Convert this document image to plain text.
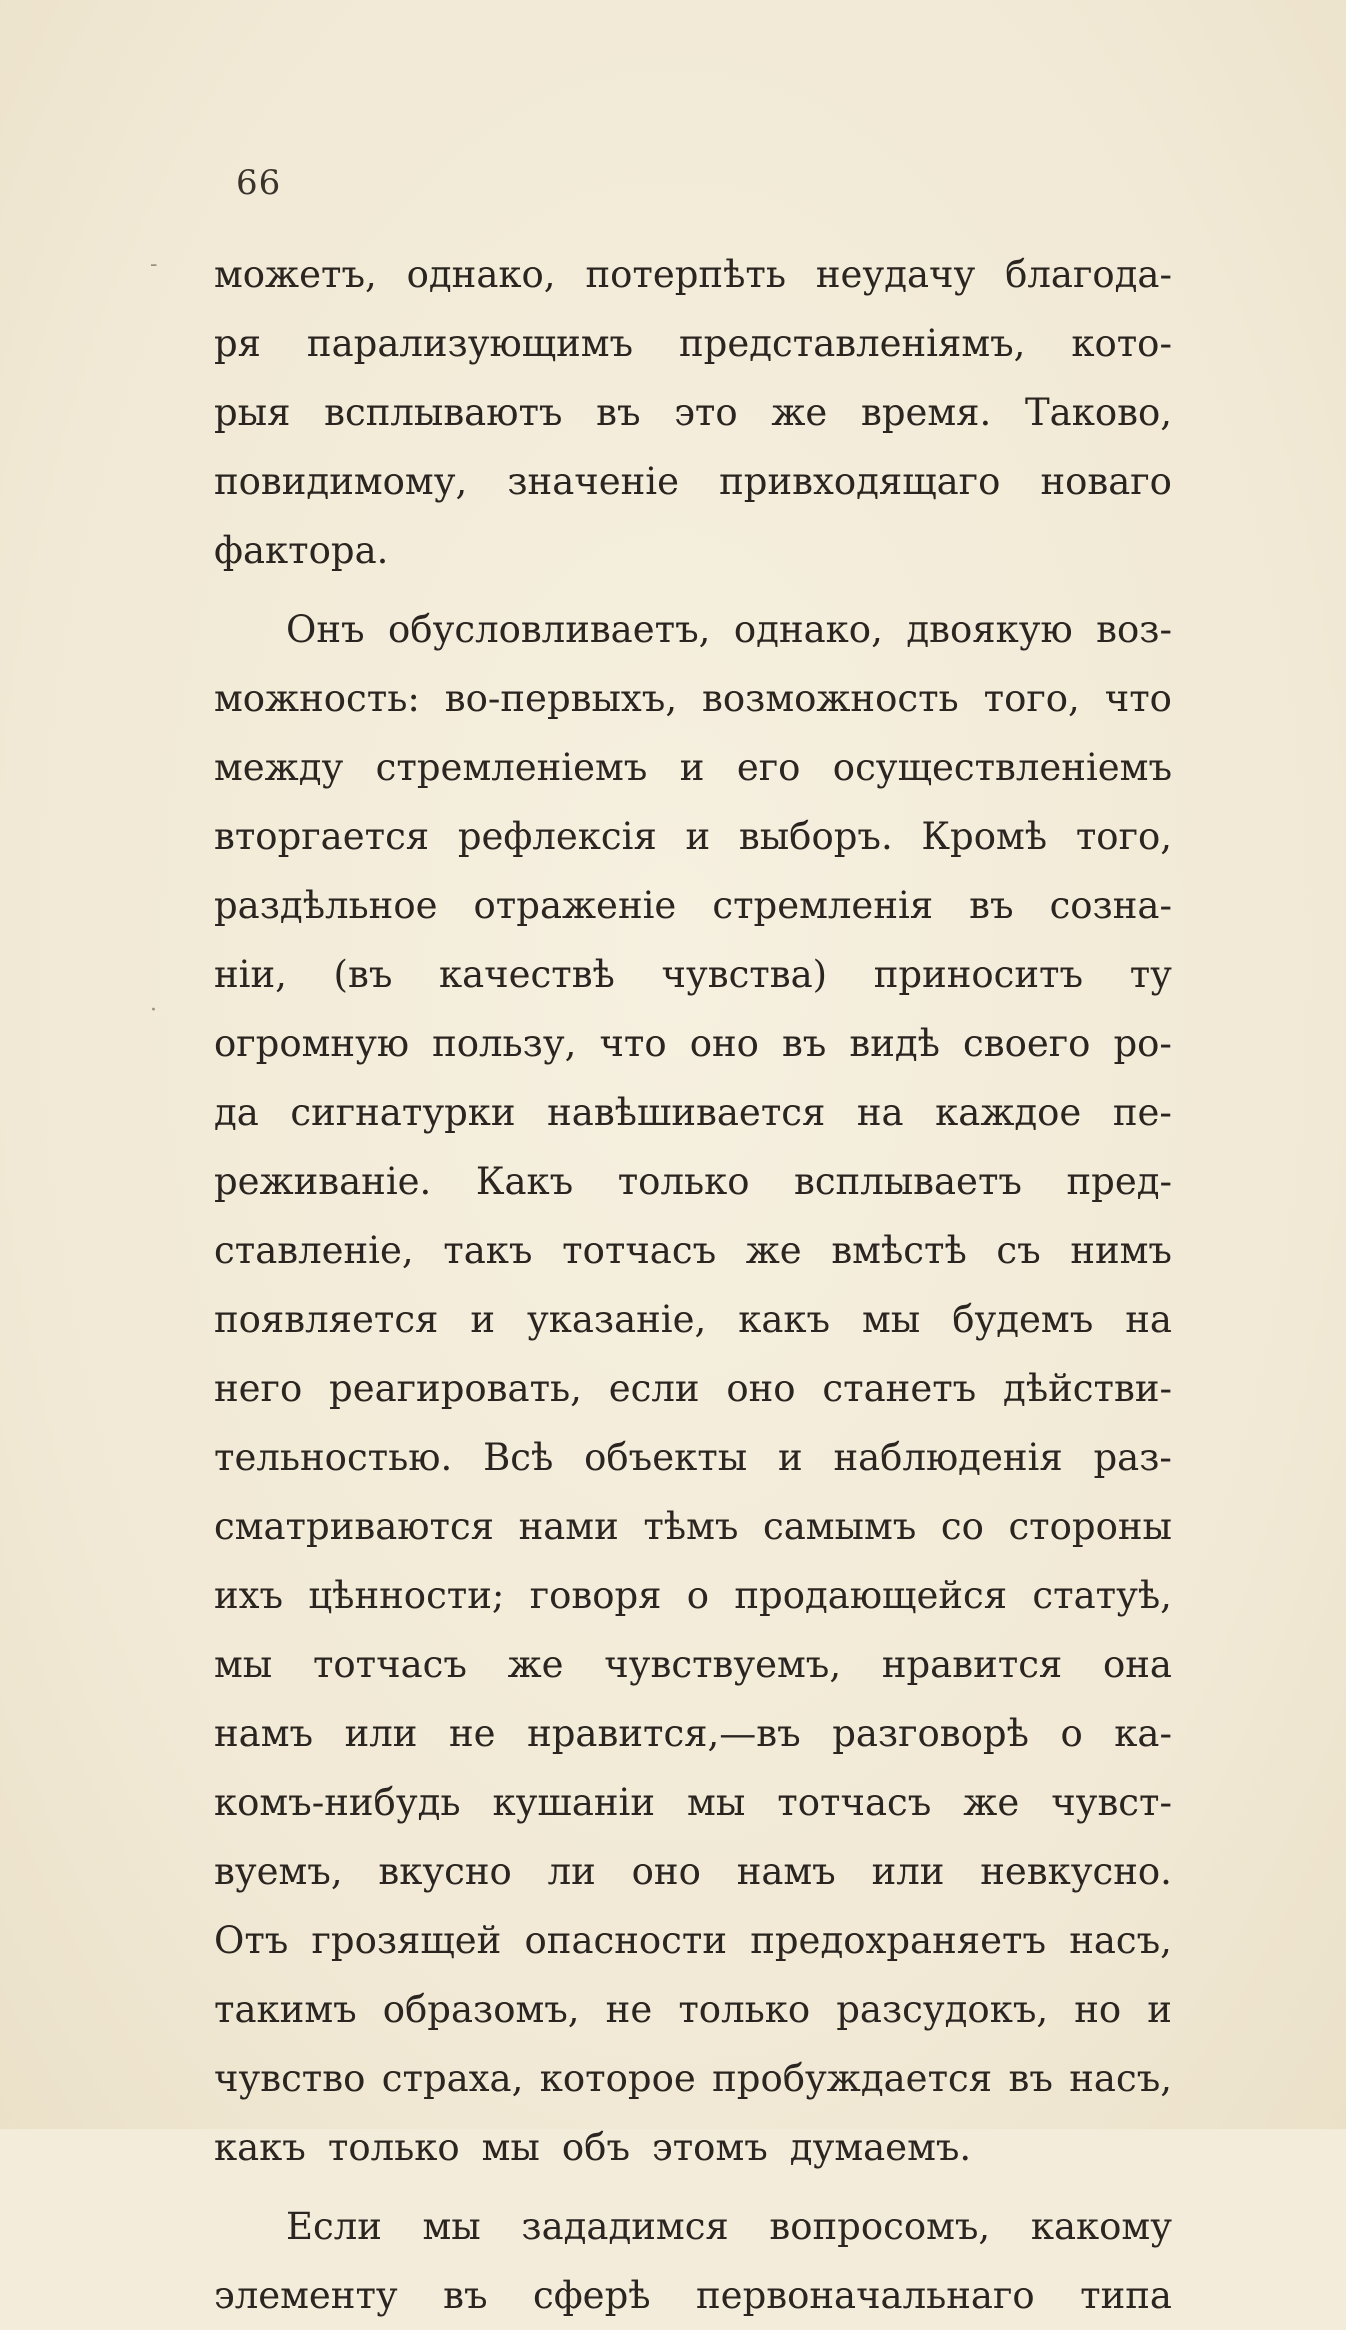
66
можетъ, однако, потерпѣть неудачу благода-
ря парализующимъ представленіямъ, кото-
рыя всплываютъ въ это же время. Таково,
повидимому, значеніе привходящаго новаго
фактора.
Онъ обусловливаетъ, однако, двоякую воз-
можность: во-первыхъ, возможность того, что
между стремленіемъ и его осуществленіемъ
вторгается рефлексія и выборъ. Кромѣ того,
раздѣльное отраженіе стремленія въ созна-
ніи, (въ качествѣ чувства) приноситъ ту
огромную пользу, что оно въ видѣ своего ро-
да сигнатурки навѣшивается на каждое пе-
реживаніе. Какъ только всплываетъ пред-
ставленіе, такъ тотчасъ же вмѣстѣ съ нимъ
появляется и указаніе, какъ мы будемъ на
него реагировать, если оно станетъ дѣйстви-
тельностью. Всѣ объекты и наблюденія раз-
сматриваются нами тѣмъ самымъ со стороны
ихъ цѣнности; говоря о продающейся статуѣ,
мы тотчасъ же чувствуемъ, нравится она
намъ или не нравится,—въ разговорѣ о ка-
комъ-нибудь кушаніи мы тотчасъ же чувст-
вуемъ, вкусно ли оно намъ или невкусно.
Отъ грозящей опасности предохраняетъ насъ,
такимъ образомъ, не только разсудокъ, но и
чувство страха, которое пробуждается въ насъ,
какъ только мы объ этомъ думаемъ.
Если мы зададимся вопросомъ, какому
элементу въ сферѣ первоначальнаго типа
-
·
